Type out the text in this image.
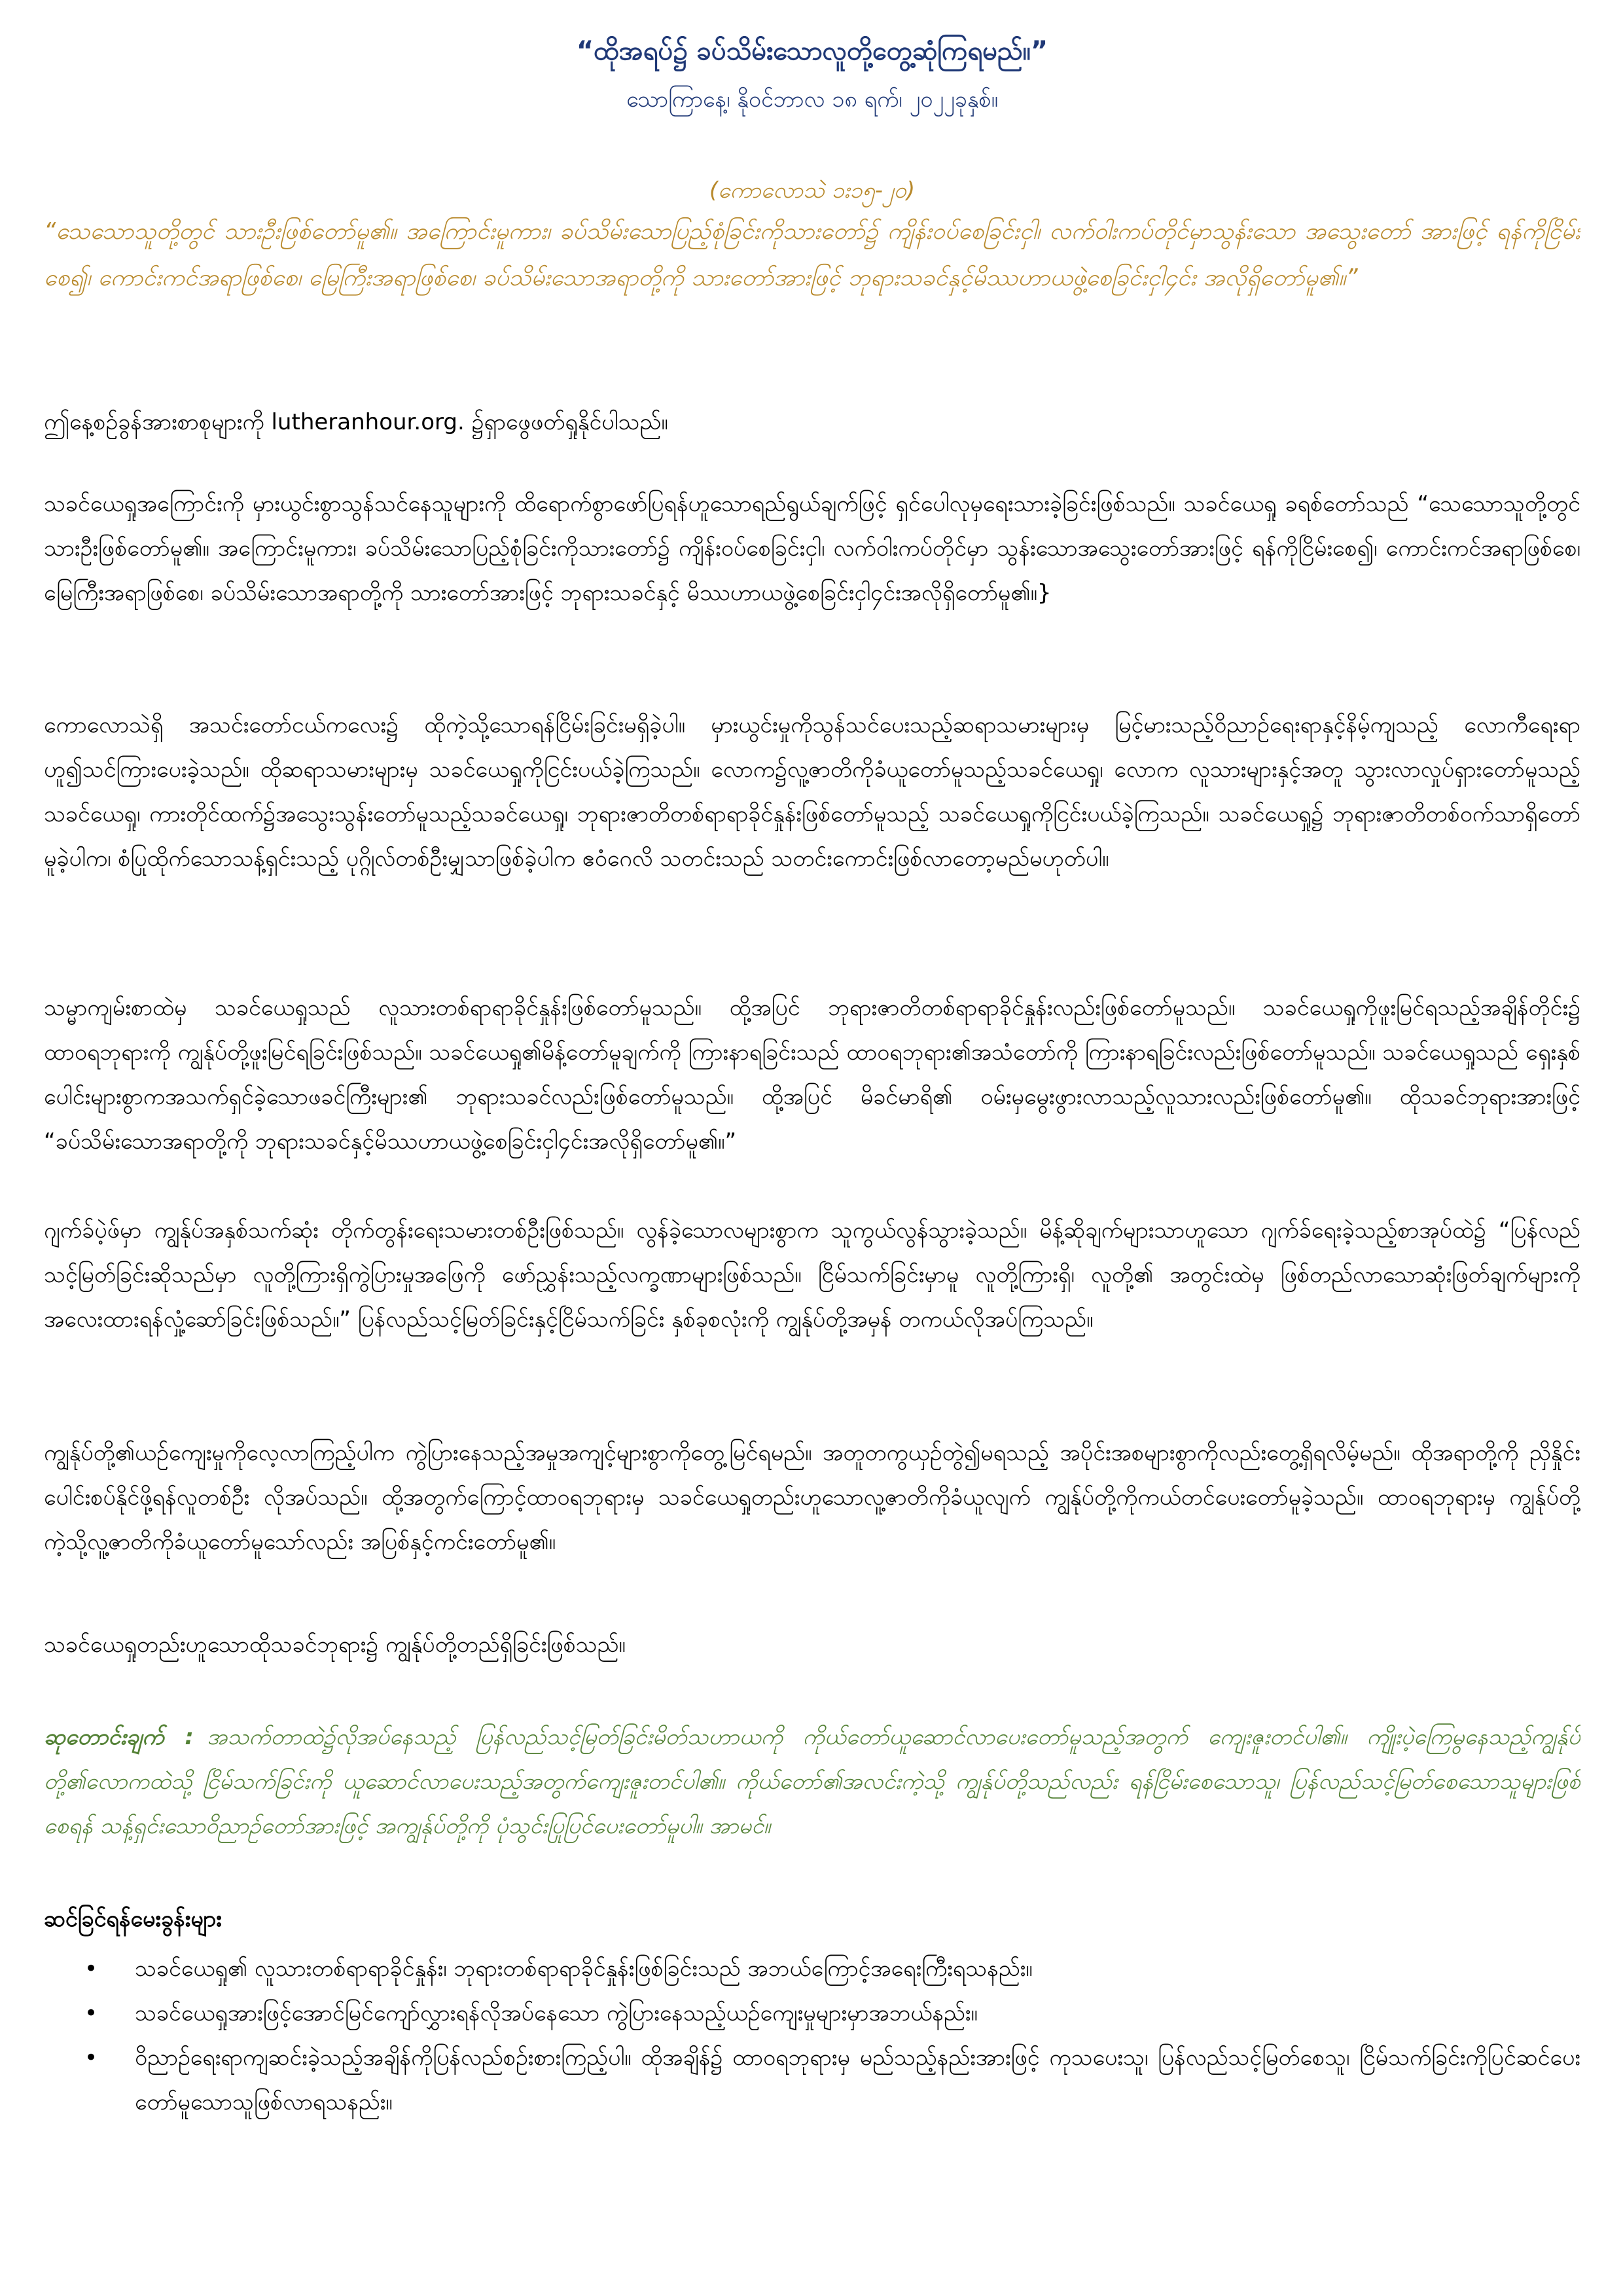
“ထိုအရပ်၌ ခပ်သိမ်းသောလူတို့တွေ့ဆုံကြရမည်။”

သောကြာနေ့၊ နိုဝင်ဘာလ ၁၈ ရက်၊ ၂၀၂၂ခုနှစ်။

(ကောလောသဲ ၁း၁၅-၂၀)

“သေသောသူတို့တွင် သားဦးဖြစ်တော်မူ၏။ အကြောင်းမူကား၊ ခပ်သိမ်းသောပြည့်စုံခြင်းကိုသားတော်၌ ကျိန်းဝပ်စေခြင်းငှါ၊ လက်ဝါးကပ်တိုင်မှာသွန်းသော အသွေးတော် အားဖြင့် ရန်ကိုငြိမ်းစေ၍၊ ကောင်းကင်အရာဖြစ်စေ၊ မြေကြီးအရာဖြစ်စေ၊ ခပ်သိမ်းသောအရာတို့ကို သားတော်အားဖြင့် ဘုရားသခင်နှင့်မိဿဟာယဖွဲ့စေခြင်းငှါ၄င်း အလိုရှိတော်မူ၏။”

ဤနေ့စဉ်ခွန်အားစာစုများကို lutheranhour.org. ၌ရှာဖွေဖတ်ရှုနိုင်ပါသည်။

သခင်ယေရှုအကြောင်းကို မှားယွင်းစွာသွန်သင်နေသူများကို ထိရောက်စွာဖော်ပြရန်ဟူသောရည်ရွယ်ချက်ဖြင့် ရှင်ပေါလုမှရေးသားခဲ့ခြင်းဖြစ်သည်။ သခင်ယေရှု ခရစ်တော်သည် “သေသောသူတို့တွင် သားဦးဖြစ်တော်မူ၏။ အကြောင်းမူကား၊ ခပ်သိမ်းသောပြည့်စုံခြင်းကိုသားတော်၌ ကျိန်းဝပ်စေခြင်းငှါ၊ လက်ဝါးကပ်တိုင်မှာ သွန်းသောအသွေးတော်အားဖြင့် ရန်ကိုငြိမ်းစေ၍၊ ကောင်းကင်အရာဖြစ်စေ၊ မြေကြီးအရာဖြစ်စေ၊ ခပ်သိမ်းသောအရာတို့ကို သားတော်အားဖြင့် ဘုရားသခင်နှင့် မိဿဟာယဖွဲ့စေခြင်းငှါ၄င်းအလိုရှိတော်မူ၏။}

ကောလောသဲရှိ အသင်းတော်ငယ်ကလေး၌ ထိုကဲ့သို့သောရန်ငြိမ်းခြင်းမရှိခဲ့ပါ။ မှားယွင်းမှုကိုသွန်သင်ပေးသည့်ဆရာသမားများမှ မြင့်မားသည့်ဝိညာဉ်ရေးရာနှင့်နိမ့်ကျသည့် လောကီရေးရာဟူ၍သင်ကြားပေးခဲ့သည်။ ထိုဆရာသမားများမှ သခင်ယေရှုကိုငြင်းပယ်ခဲ့ကြသည်။ လောက၌လူ့ဇာတိကိုခံယူတော်မူသည့်သခင်ယေရှု၊ လောက လူသားများနှင့်အတူ သွားလာလှုပ်ရှားတော်မူသည့်သခင်ယေရှု၊ ကားတိုင်ထက်၌အသွေးသွန်းတော်မူသည့်သခင်ယေရှု၊ ဘုရားဇာတိတစ်ရာရာခိုင်နှုန်းဖြစ်တော်မူသည့် သခင်ယေရှုကိုငြင်းပယ်ခဲ့ကြသည်။ သခင်ယေရှု၌ ဘုရားဇာတိတစ်ဝက်သာရှိတော်မူခဲ့ပါက၊ စံပြုထိုက်သောသန့်ရှင်းသည့် ပုဂ္ဂိုလ်တစ်ဦးမျှသာဖြစ်ခဲ့ပါက ဧဝံဂေလိ သတင်းသည် သတင်းကောင်းဖြစ်လာတော့မည်မဟုတ်ပါ။

သမ္မာကျမ်းစာထဲမှ သခင်ယေရှုသည် လူသားတစ်ရာရာခိုင်နှုန်းဖြစ်တော်မူသည်။ ထို့အပြင် ဘုရားဇာတိတစ်ရာရာခိုင်နှုန်းလည်းဖြစ်တော်မူသည်။ သခင်ယေရှုကိုဖူးမြင်ရသည့်အချိန်တိုင်း၌ ထာဝရဘုရားကို ကျွန်ုပ်တို့ဖူးမြင်ရခြင်းဖြစ်သည်။ သခင်ယေရှု၏မိန့်တော်မူချက်ကို ကြားနာရခြင်းသည် ထာဝရဘုရား၏အသံတော်ကို ကြားနာရခြင်းလည်းဖြစ်တော်မူသည်။ သခင်ယေရှုသည် ရှေးနှစ်ပေါင်းများစွာကအသက်ရှင်ခဲ့သောဖခင်ကြီးများ၏ ဘုရားသခင်လည်းဖြစ်တော်မူသည်။ ထို့အပြင် မိခင်မာရိ၏ ဝမ်းမှမွေးဖွားလာသည့်လူသားလည်းဖြစ်တော်မူ၏။ ထိုသခင်ဘုရားအားဖြင့် “ခပ်သိမ်းသောအရာတို့ကို ဘုရားသခင်နှင့်မိဿဟာယဖွဲ့စေခြင်းငှါ၄င်းအလိုရှိတော်မူ၏။”

ဂျက်ခ်ပဲ့ဖ်မှာ ကျွန်ုပ်အနှစ်သက်ဆုံး တိုက်တွန်းရေးသမားတစ်ဦးဖြစ်သည်။ လွန်ခဲ့သောလများစွာက သူကွယ်လွန်သွားခဲ့သည်။ မိန့်ဆိုချက်များသာဟူသော ဂျက်ခ်ရေးခဲ့သည့်စာအုပ်ထဲ၌ “ပြန်လည်သင့်မြတ်ခြင်းဆိုသည်မှာ လူတို့ကြားရှိကွဲပြားမှုအဖြေကို ဖော်ညွှန်းသည့်လက္ခဏာများဖြစ်သည်။ ငြိမ်သက်ခြင်းမှာမူ လူတို့ကြားရှိ၊ လူတို့၏ အတွင်းထဲမှ ဖြစ်တည်လာသောဆုံးဖြတ်ချက်များကို အလေးထားရန်လှုံ့ဆော်ခြင်းဖြစ်သည်။” ပြန်လည်သင့်မြတ်ခြင်းနှင့်ငြိမ်သက်ခြင်း နှစ်ခုစလုံးကို ကျွန်ုပ်တို့အမှန် တကယ်လိုအပ်ကြသည်။

ကျွန်ုပ်တို့၏ယဉ်ကျေးမှုကိုလေ့လာကြည့်ပါက ကွဲပြားနေသည့်အမှုအကျင့်များစွာကိုတွေ့မြင်ရမည်။ အတူတကွယှဉ်တွဲ၍မရသည့် အပိုင်းအစများစွာကိုလည်းတွေ့ရှိရလိမ့်မည်။ ထိုအရာတို့ကို ညှိနှိုင်းပေါင်းစပ်နိုင်ဖို့ရန်လူတစ်ဦး လိုအပ်သည်။ ထို့အတွက်ကြောင့်ထာဝရဘုရားမှ သခင်ယေရှုတည်းဟူသောလူ့ဇာတိကိုခံယူလျက် ကျွန်ုပ်တို့ကိုကယ်တင်ပေးတော်မူခဲ့သည်။ ထာဝရဘုရားမှ ကျွန်ုပ်တို့ကဲ့သို့လူ့ဇာတိကိုခံယူတော်မူသော်လည်း အပြစ်နှင့်ကင်းတော်မူ၏။

သခင်ယေရှုတည်းဟူသောထိုသခင်ဘုရား၌ ကျွန်ုပ်တို့တည်ရှိခြင်းဖြစ်သည်။

ဆုတောင်းချက် : အသက်တာထဲ၌လိုအပ်နေသည့် ပြန်လည်သင့်မြတ်ခြင်းမိတ်သဟာယကို ကိုယ်တော်ယူဆောင်လာပေးတော်မူသည့်အတွက် ကျေးဇူးတင်ပါ၏။ ကျိုးပဲ့ကြေမွနေသည့်ကျွန်ုပ်တို့၏လောကထဲသို့ ငြိမ်သက်ခြင်းကို ယူဆောင်လာပေးသည့်အတွက်ကျေးဇူးတင်ပါ၏။ ကိုယ်တော်၏အလင်းကဲ့သို့ ကျွန်ုပ်တို့သည်လည်း ရန်ငြိမ်းစေသောသူ၊ ပြန်လည်သင့်မြတ်စေသောသူများဖြစ်စေရန် သန့်ရှင်းသောဝိညာဉ်တော်အားဖြင့် အကျွန်ုပ်တို့ကို ပုံသွင်းပြုပြင်ပေးတော်မူပါ။ အာမင်။

ဆင်ခြင်ရန်မေးခွန်းများ

•
သခင်ယေရှု၏ လူသားတစ်ရာရာခိုင်နှုန်း၊ ဘုရားတစ်ရာရာခိုင်နှုန်းဖြစ်ခြင်းသည် အဘယ်ကြောင့်အရေးကြီးရသနည်း။
•
သခင်ယေရှုအားဖြင့်အောင်မြင်ကျော်လွှားရန်လိုအပ်နေသော ကွဲပြားနေသည့်ယဉ်ကျေးမှုများမှာအဘယ်နည်း။
•
ဝိညာဉ်ရေးရာကျဆင်းခဲ့သည့်အချိန်ကိုပြန်လည်စဉ်းစားကြည့်ပါ။ ထိုအချိန်၌ ထာဝရဘုရားမှ မည်သည့်နည်းအားဖြင့် ကုသပေးသူ၊ ပြန်လည်သင့်မြတ်စေသူ၊ ငြိမ်သက်ခြင်းကိုပြင်ဆင်ပေးတော်မူသောသူဖြစ်လာရသနည်း။
